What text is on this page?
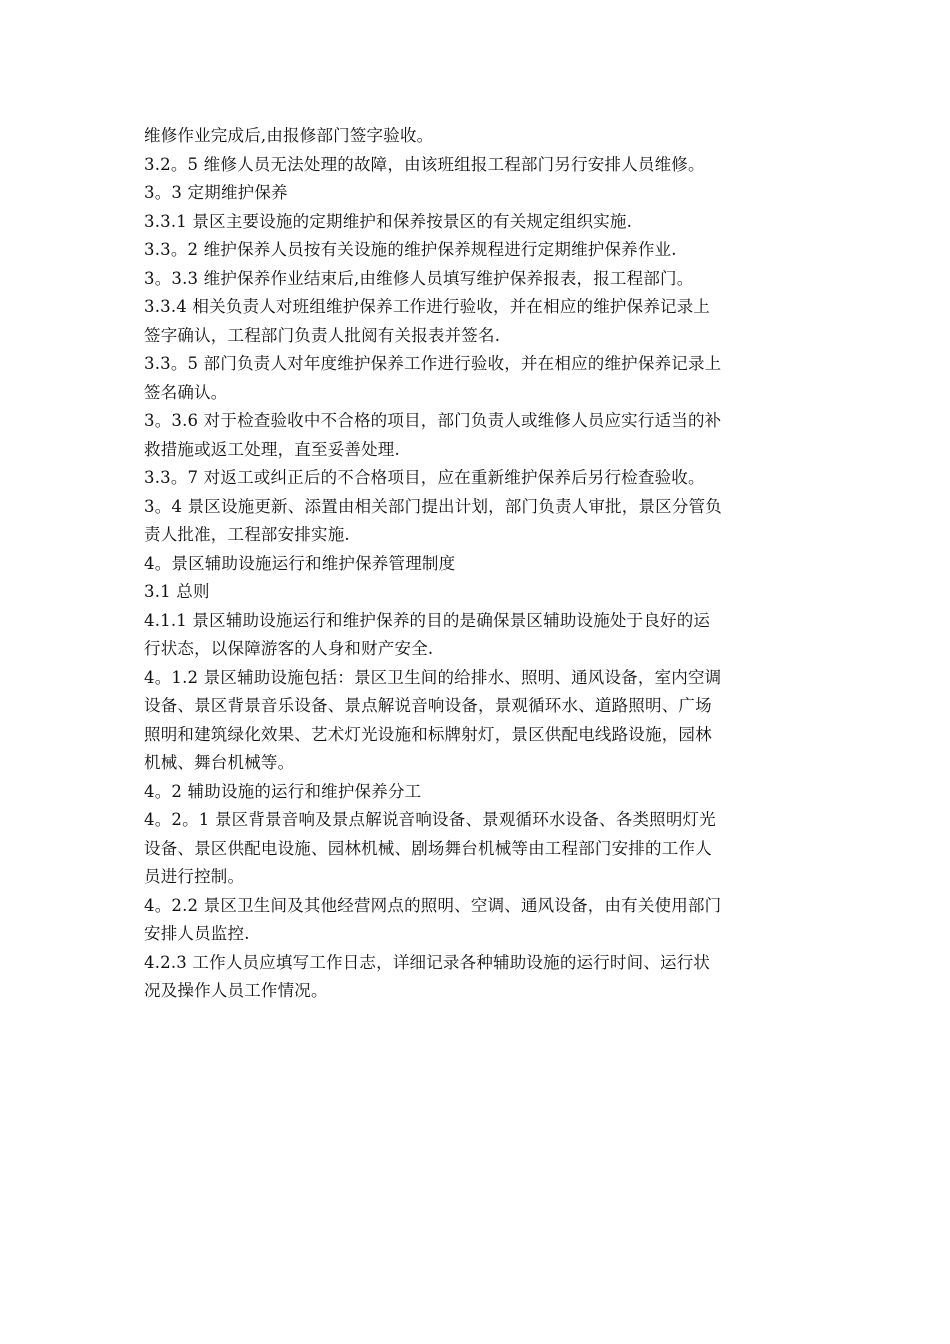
维修作业完成后,由报修部门签字验收。
3.2。5 维修人员无法处理的故障，由该班组报工程部门另行安排人员维修。
3。3 定期维护保养
3.3.1 景区主要设施的定期维护和保养按景区的有关规定组织实施.
3.3。2 维护保养人员按有关设施的维护保养规程进行定期维护保养作业.
3。3.3 维护保养作业结束后,由维修人员填写维护保养报表，报工程部门。
3.3.4 相关负责人对班组维护保养工作进行验收，并在相应的维护保养记录上
签字确认，工程部门负责人批阅有关报表并签名.
3.3。5 部门负责人对年度维护保养工作进行验收，并在相应的维护保养记录上
签名确认。
3。3.6 对于检查验收中不合格的项目，部门负责人或维修人员应实行适当的补
救措施或返工处理，直至妥善处理.
3.3。7 对返工或纠正后的不合格项目，应在重新维护保养后另行检查验收。
3。4 景区设施更新、添置由相关部门提出计划，部门负责人审批，景区分管负
责人批准，工程部安排实施.
4。景区辅助设施运行和维护保养管理制度
3.1 总则
4.1.1 景区辅助设施运行和维护保养的目的是确保景区辅助设施处于良好的运
行状态，以保障游客的人身和财产安全.
4。1.2 景区辅助设施包括：景区卫生间的给排水、照明、通风设备，室内空调
设备、景区背景音乐设备、景点解说音响设备，景观循环水、道路照明、广场
照明和建筑绿化效果、艺术灯光设施和标牌射灯，景区供配电线路设施，园林
机械、舞台机械等。
4。2 辅助设施的运行和维护保养分工
4。2。1 景区背景音响及景点解说音响设备、景观循环水设备、各类照明灯光
设备、景区供配电设施、园林机械、剧场舞台机械等由工程部门安排的工作人
员进行控制。
4。2.2 景区卫生间及其他经营网点的照明、空调、通风设备，由有关使用部门
安排人员监控.
4.2.3 工作人员应填写工作日志，详细记录各种辅助设施的运行时间、运行状
况及操作人员工作情况。
